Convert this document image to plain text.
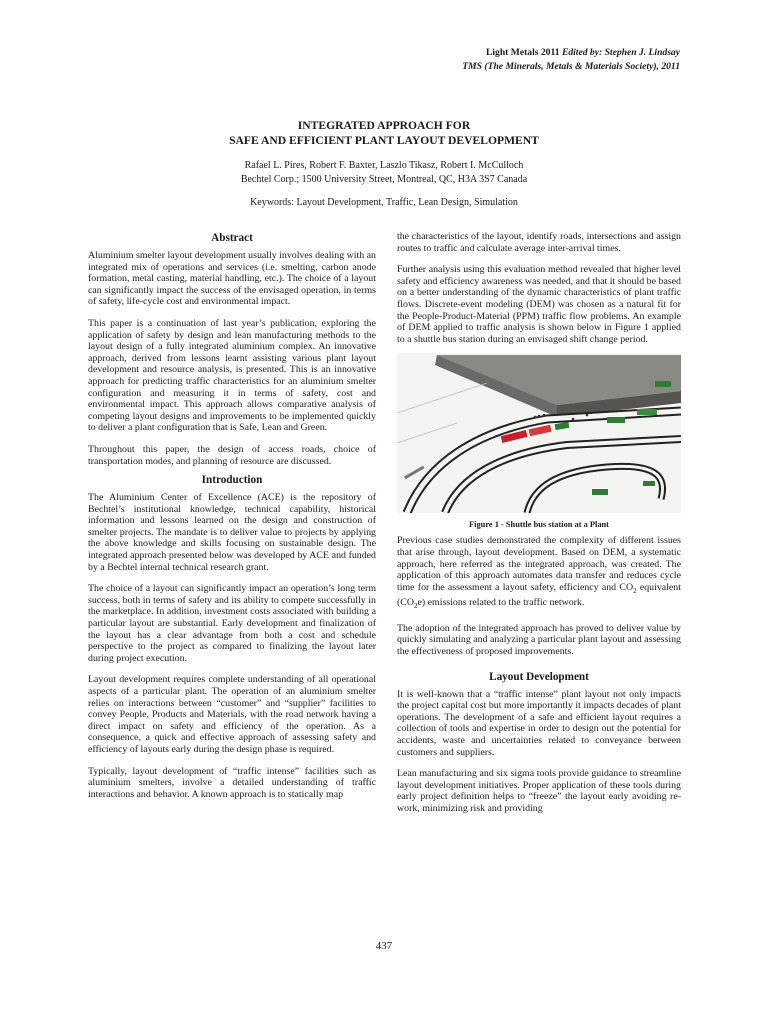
Light Metals 2011 Edited by: Stephen J. Lindsay
TMS (The Minerals, Metals & Materials Society), 2011
INTEGRATED APPROACH FOR
SAFE AND EFFICIENT PLANT LAYOUT DEVELOPMENT
Rafael L. Pires, Robert F. Baxter, Laszlo Tikasz, Robert I. McCulloch
Bechtel Corp.; 1500 University Street, Montreal, QC, H3A 3S7 Canada
Keywords: Layout Development, Traffic, Lean Design, Simulation
Abstract

Aluminium smelter layout development usually involves dealing with an integrated mix of operations and services (i.e. smelting, carbon anode formation, metal casting, material handling, etc.). The choice of a layout can significantly impact the success of the envisaged operation, in terms of safety, life-cycle cost and environmental impact.

This paper is a continuation of last year’s publication, exploring the application of safety by design and lean manufacturing methods to the layout design of a fully integrated aluminium complex. An innovative approach, derived from lessons learnt assisting various plant layout development and resource analysis, is presented. This is an innovative approach for predicting traffic characteristics for an aluminium smelter configuration and measuring it in terms of safety, cost and environmental impact. This approach allows comparative analysis of competing layout designs and improvements to be implemented quickly to deliver a plant configuration that is Safe, Lean and Green.

Throughout this paper, the design of access roads, choice of transportation modes, and planning of resource are discussed.

Introduction

The Aluminium Center of Excellence (ACE) is the repository of Bechtel’s institutional knowledge, technical capability, historical information and lessons learned on the design and construction of smelter projects. The mandate is to deliver value to projects by applying the above knowledge and skills focusing on sustainable design. The integrated approach presented below was developed by ACE and funded by a Bechtel internal technical research grant.

The choice of a layout can significantly impact an operation’s long term success, both in terms of safety and its ability to compete successfully in the marketplace. In addition, investment costs associated with building a particular layout are substantial. Early development and finalization of the layout has a clear advantage from both a cost and schedule perspective to the project as compared to finalizing the layout later during project execution.

Layout development requires complete understanding of all operational aspects of a particular plant. The operation of an aluminium smelter relies on interactions between “customer” and “supplier” facilities to convey People, Products and Materials, with the road network having a direct impact on safety and efficiency of the operation. As a consequence, a quick and effective approach of assessing safety and efficiency of layouts early during the design phase is required.

Typically, layout development of “traffic intense” facilities such as aluminium smelters, involve a detailed understanding of traffic interactions and behavior. A known approach is to statically map

the characteristics of the layout, identify roads, intersections and assign routes to traffic and calculate average inter-arrival times.

Further analysis using this evaluation method revealed that higher level safety and efficiency awareness was needed, and that it should be based on a better understanding of the dynamic characteristics of plant traffic flows. Discrete-event modeling (DEM) was chosen as a natural fit for the People-Product-Material (PPM) traffic flow problems. An example of DEM applied to traffic analysis is shown below in Figure 1 applied to a shuttle bus station during an envisaged shift change period.

Figure 1 - Shuttle bus station at a Plant

Previous case studies demonstrated the complexity of different issues that arise through, layout development. Based on DEM, a systematic approach, here referred as the integrated approach, was created. The application of this approach automates data transfer and reduces cycle time for the assessment a layout safety, efficiency and $CO_2$ equivalent $(CO_2e)$ emissions related to the traffic network.

The adoption of the integrated approach has proved to deliver value by quickly simulating and analyzing a particular plant layout and assessing the effectiveness of proposed improvements.

Layout Development

It is well-known that a “traffic intense” plant layout not only impacts the project capital cost but more importantly it impacts decades of plant operations. The development of a safe and efficient layout requires a collection of tools and expertise in order to design out the potential for accidents, waste and uncertainties related to conveyance between customers and suppliers.

Lean manufacturing and six sigma tools provide guidance to streamline layout development initiatives. Proper application of these tools during early project definition helps to “freeze” the layout early avoiding re-work, minimizing risk and providing

437
